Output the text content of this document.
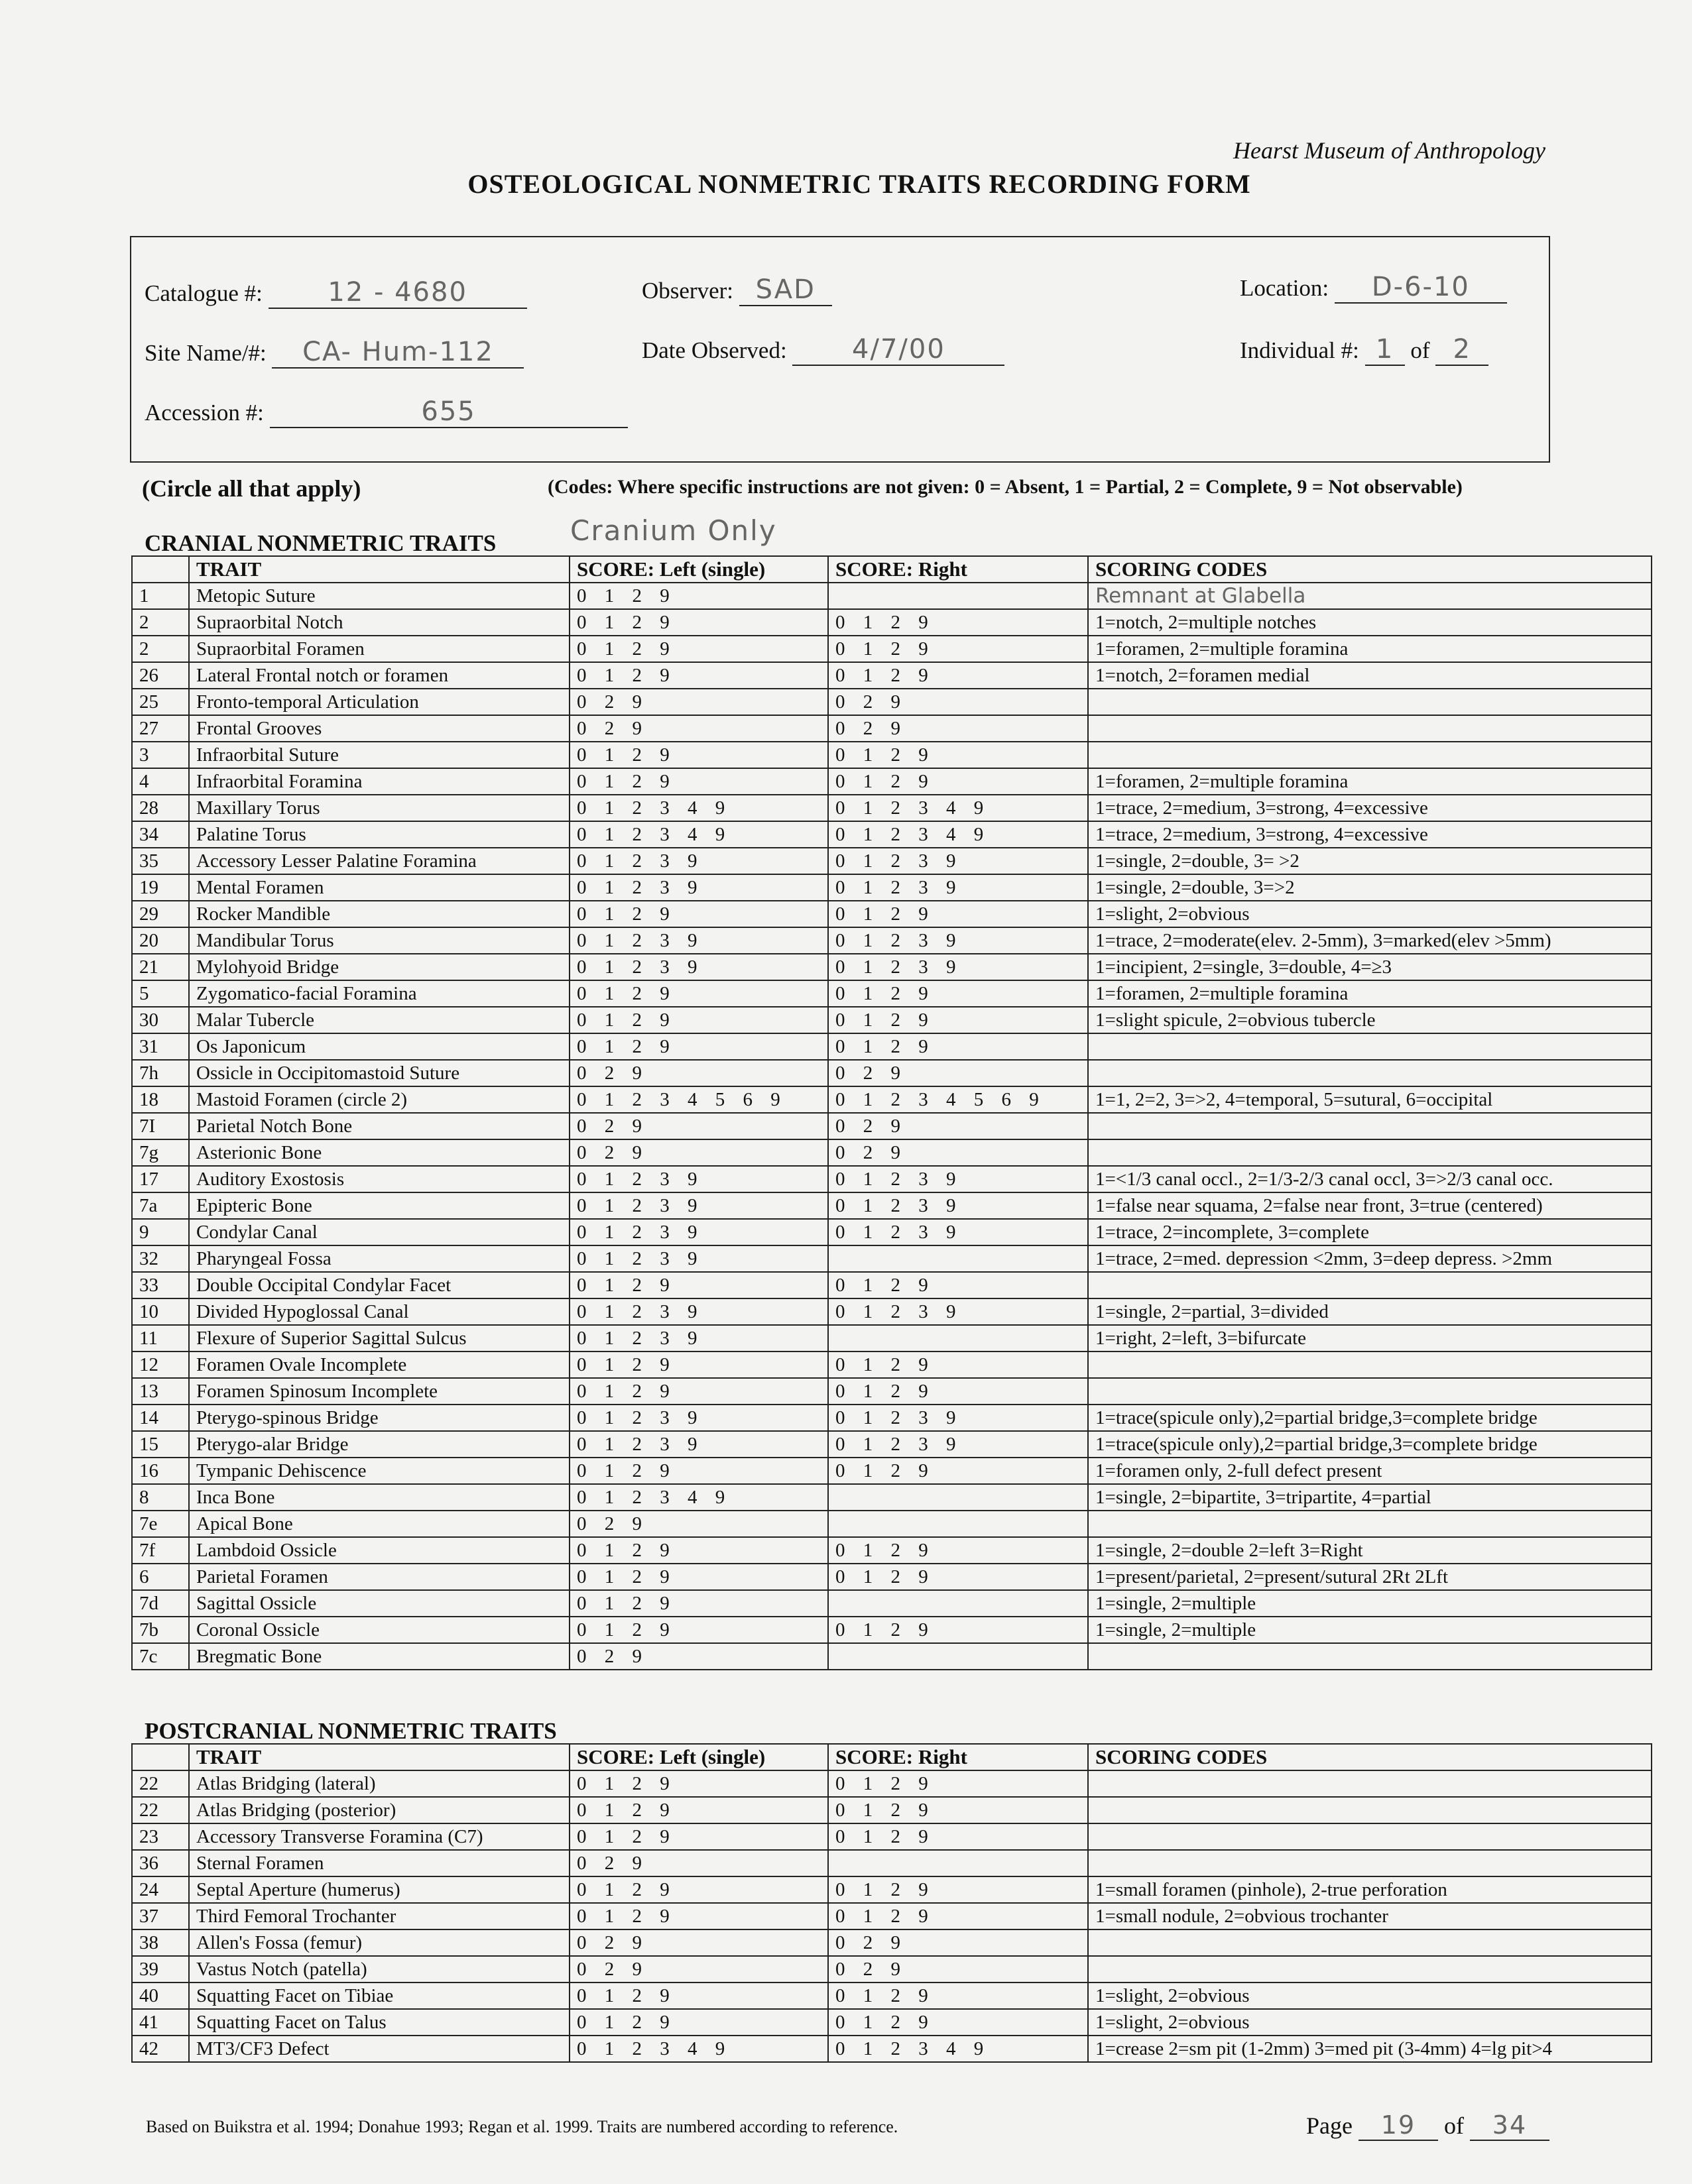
Hearst Museum of Anthropology
OSTEOLOGICAL NONMETRIC TRAITS RECORDING FORM
Catalogue #: 12 - 4680	Observer: SAD	Location: D-6-10
Site Name/#: CA- Hum-112	Date Observed: 4/7/00	Individual #: 1 of 2
Accession #:	655
(Circle all that apply)	(Codes: Where specific instructions are not given: 0 = Absent, 1 = Partial, 2 = Complete, 9 = Not observable)
CRANIAL NONMETRIC TRAITS	Cranium Only
	TRAIT	SCORE: Left (single)	SCORE: Right	SCORING CODES
1	Metopic Suture	0 1 2 9		Remnant at Glabella
2	Supraorbital Notch	0 1 2 9	0 1 2 9	1=notch, 2=multiple notches
2	Supraorbital Foramen	0 1 2 9	0 1 2 9	1=foramen, 2=multiple foramina
26	Lateral Frontal notch or foramen	0 1 2 9	0 1 2 9	1=notch, 2=foramen medial
25	Fronto-temporal Articulation	0 2 9	0 2 9	
27	Frontal Grooves	0 2 9	0 2 9	
3	Infraorbital Suture	0 1 2 9	0 1 2 9	
4	Infraorbital Foramina	0 1 2 9	0 1 2 9	1=foramen, 2=multiple foramina
28	Maxillary Torus	0 1 2 3 4 9	0 1 2 3 4 9	1=trace, 2=medium, 3=strong, 4=excessive
34	Palatine Torus	0 1 2 3 4 9	0 1 2 3 4 9	1=trace, 2=medium, 3=strong, 4=excessive
35	Accessory Lesser Palatine Foramina	0 1 2 3 9	0 1 2 3 9	1=single, 2=double, 3= >2
19	Mental Foramen	0 1 2 3 9	0 1 2 3 9	1=single, 2=double, 3=>2
29	Rocker Mandible	0 1 2 9	0 1 2 9	1=slight, 2=obvious
20	Mandibular Torus	0 1 2 3 9	0 1 2 3 9	1=trace, 2=moderate(elev. 2-5mm), 3=marked(elev >5mm)
21	Mylohyoid Bridge	0 1 2 3 9	0 1 2 3 9	1=incipient, 2=single, 3=double, 4=≥3
5	Zygomatico-facial Foramina	0 1 2 9	0 1 2 9	1=foramen, 2=multiple foramina
30	Malar Tubercle	0 1 2 9	0 1 2 9	1=slight spicule, 2=obvious tubercle
31	Os Japonicum	0 1 2 9	0 1 2 9	
7h	Ossicle in Occipitomastoid Suture	0 2 9	0 2 9	
18	Mastoid Foramen (circle 2)	0 1 2 3 4 5 6 9	0 1 2 3 4 5 6 9	1=1, 2=2, 3=>2, 4=temporal, 5=sutural, 6=occipital
7I	Parietal Notch Bone	0 2 9	0 2 9	
7g	Asterionic Bone	0 2 9	0 2 9	
17	Auditory Exostosis	0 1 2 3 9	0 1 2 3 9	1=<1/3 canal occl., 2=1/3-2/3 canal occl, 3=>2/3 canal occ.
7a	Epipteric Bone	0 1 2 3 9	0 1 2 3 9	1=false near squama, 2=false near front, 3=true (centered)
9	Condylar Canal	0 1 2 3 9	0 1 2 3 9	1=trace, 2=incomplete, 3=complete
32	Pharyngeal Fossa	0 1 2 3 9		1=trace, 2=med. depression <2mm, 3=deep depress. >2mm
33	Double Occipital Condylar Facet	0 1 2 9	0 1 2 9	
10	Divided Hypoglossal Canal	0 1 2 3 9	0 1 2 3 9	1=single, 2=partial, 3=divided
11	Flexure of Superior Sagittal Sulcus	0 1 2 3 9		1=right, 2=left, 3=bifurcate
12	Foramen Ovale Incomplete	0 1 2 9	0 1 2 9	
13	Foramen Spinosum Incomplete	0 1 2 9	0 1 2 9	
14	Pterygo-spinous Bridge	0 1 2 3 9	0 1 2 3 9	1=trace(spicule only),2=partial bridge,3=complete bridge
15	Pterygo-alar Bridge	0 1 2 3 9	0 1 2 3 9	1=trace(spicule only),2=partial bridge,3=complete bridge
16	Tympanic Dehiscence	0 1 2 9	0 1 2 9	1=foramen only, 2-full defect present
8	Inca Bone	0 1 2 3 4 9		1=single, 2=bipartite, 3=tripartite, 4=partial
7e	Apical Bone	0 2 9		
7f	Lambdoid Ossicle	0 1 2 9	0 1 2 9	1=single, 2=double 2=left 3=Right
6	Parietal Foramen	0 1 2 9	0 1 2 9	1=present/parietal, 2=present/sutural 2Rt 2Lft
7d	Sagittal Ossicle	0 1 2 9		1=single, 2=multiple
7b	Coronal Ossicle	0 1 2 9	0 1 2 9	1=single, 2=multiple
7c	Bregmatic Bone	0 2 9		
POSTCRANIAL NONMETRIC TRAITS
	TRAIT	SCORE: Left (single)	SCORE: Right	SCORING CODES
22	Atlas Bridging (lateral)	0 1 2 9	0 1 2 9	
22	Atlas Bridging (posterior)	0 1 2 9	0 1 2 9	
23	Accessory Transverse Foramina (C7)	0 1 2 9	0 1 2 9	
36	Sternal Foramen	0 2 9		
24	Septal Aperture (humerus)	0 1 2 9	0 1 2 9	1=small foramen (pinhole), 2-true perforation
37	Third Femoral Trochanter	0 1 2 9	0 1 2 9	1=small nodule, 2=obvious trochanter
38	Allen's Fossa (femur)	0 2 9	0 2 9	
39	Vastus Notch (patella)	0 2 9	0 2 9	
40	Squatting Facet on Tibiae	0 1 2 9	0 1 2 9	1=slight, 2=obvious
41	Squatting Facet on Talus	0 1 2 9	0 1 2 9	1=slight, 2=obvious
42	MT3/CF3 Defect	0 1 2 3 4 9	0 1 2 3 4 9	1=crease 2=sm pit (1-2mm) 3=med pit (3-4mm) 4=lg pit>4
Based on Buikstra et al. 1994; Donahue 1993; Regan et al. 1999. Traits are numbered according to reference.	Page 19 of 34
